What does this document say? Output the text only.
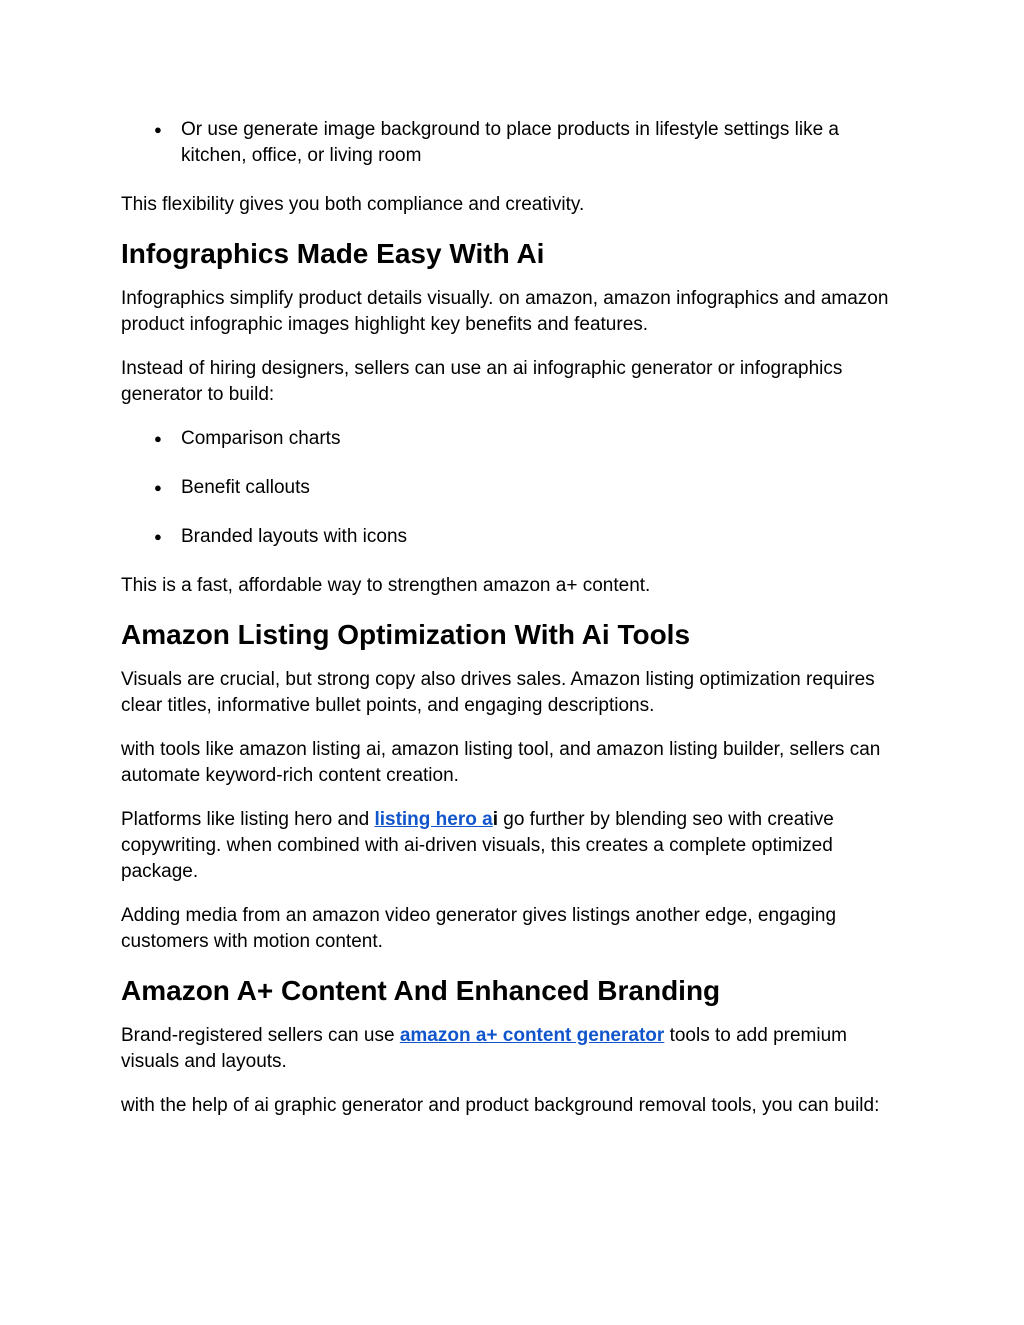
●	Or use generate image background to place products in lifestyle settings like a kitchen, office, or living room

This flexibility gives you both compliance and creativity.

Infographics Made Easy With Ai

Infographics simplify product details visually. on amazon, amazon infographics and amazon product infographic images highlight key benefits and features.

Instead of hiring designers, sellers can use an ai infographic generator or infographics generator to build:

●	Comparison charts
●	Benefit callouts
●	Branded layouts with icons

This is a fast, affordable way to strengthen amazon a+ content.

Amazon Listing Optimization With Ai Tools

Visuals are crucial, but strong copy also drives sales. Amazon listing optimization requires clear titles, informative bullet points, and engaging descriptions.

with tools like amazon listing ai, amazon listing tool, and amazon listing builder, sellers can automate keyword-rich content creation.

Platforms like listing hero and listing hero ai go further by blending seo with creative copywriting. when combined with ai-driven visuals, this creates a complete optimized package.

Adding media from an amazon video generator gives listings another edge, engaging customers with motion content.

Amazon A+ Content And Enhanced Branding

Brand-registered sellers can use amazon a+ content generator tools to add premium visuals and layouts.

with the help of ai graphic generator and product background removal tools, you can build:
